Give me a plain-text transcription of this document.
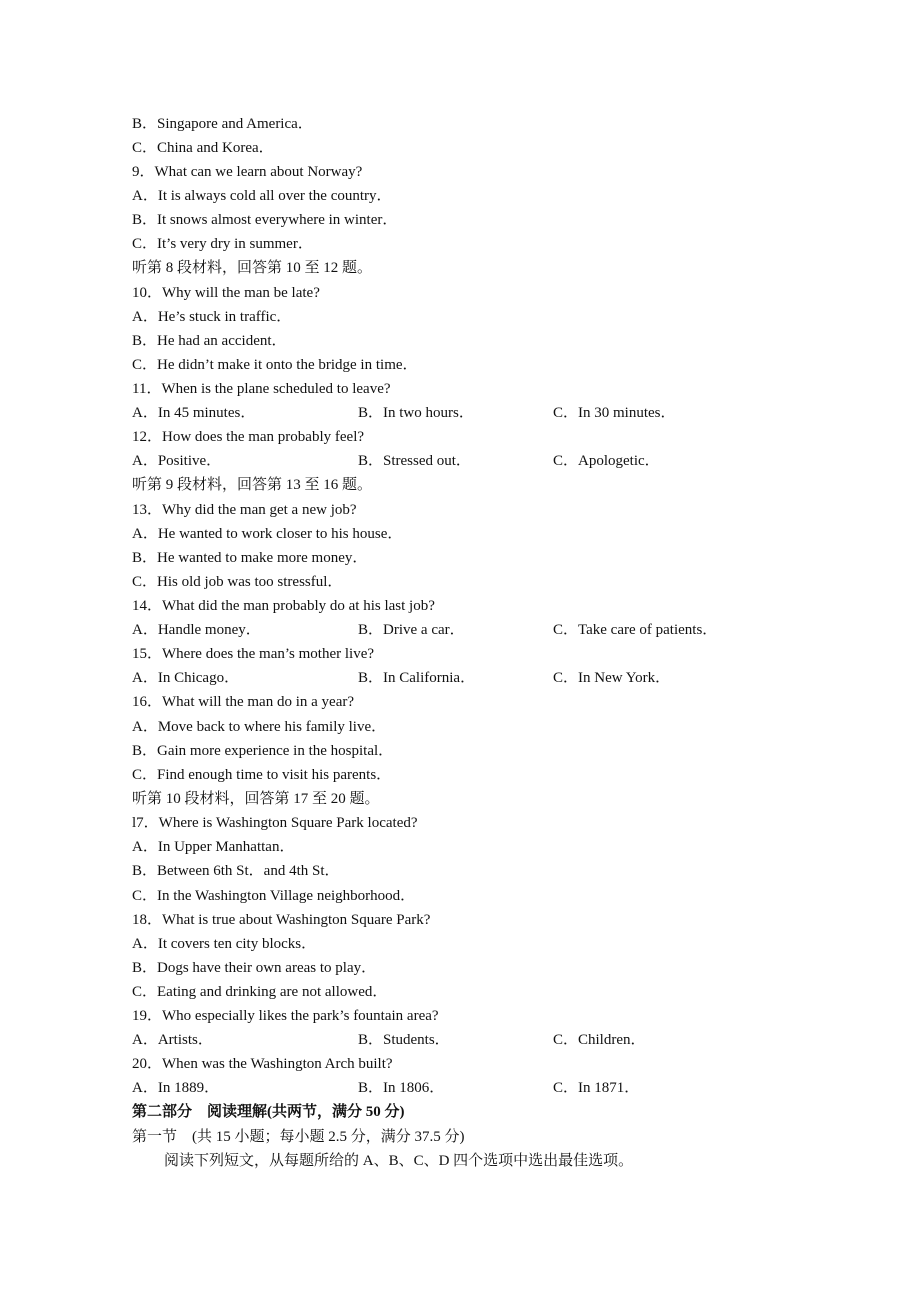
B．Singapore and America．

C．China and Korea．

9．What can we learn about Norway?

A．It is always cold all over the country．

B．It snows almost everywhere in winter．

C．It’s very dry in summer．

听第 8 段材料，回答第 10 至 12 题。

10．Why will the man be late?

A．He’s stuck in traffic．

B．He had an accident．

C．He didn’t make it onto the bridge in time．

11．When is the plane scheduled to leave?

A．In 45 minutes．

	B．In two hours．

	C．In 30 minutes．

12．How does the man probably feel?

A．Positive．

	B．Stressed out．

	C．Apologetic．

听第 9 段材料，回答第 13 至 16 题。

13．Why did the man get a new job?

A．He wanted to work closer to his house．

B．He wanted to make more money．

C．His old job was too stressful．

14．What did the man probably do at his last job?

A．Handle money．

	B．Drive a car．

	C．Take care of patients．

15．Where does the man’s mother live?

A．In Chicago．

	B．In California．

	C．In New York．

16．What will the man do in a year?

A．Move back to where his family live．

B．Gain more experience in the hospital．

C．Find enough time to visit his parents．

听第 10 段材料，回答第 17 至 20 题。

l7．Where is Washington Square Park located?

A．In Upper Manhattan．

B．Between 6th St．and 4th St．

C．In the Washington Village neighborhood．

18．What is true about Washington Square Park?

A．It covers ten city blocks．

B．Dogs have their own areas to play．

C．Eating and drinking are not allowed．

19．Who especially likes the park’s fountain area?

A．Artists．

	B．Students．

	C．Children．

20．When was the Washington Arch built?

A．In 1889．

	B．In 1806．

	C．In 1871．

第二部分　阅读理解(共两节，满分 50 分)

第一节　(共 15 小题；每小题 2.5 分，满分 37.5 分)

阅读下列短文，从每题所给的 A、B、C、D 四个选项中选出最佳选项。
